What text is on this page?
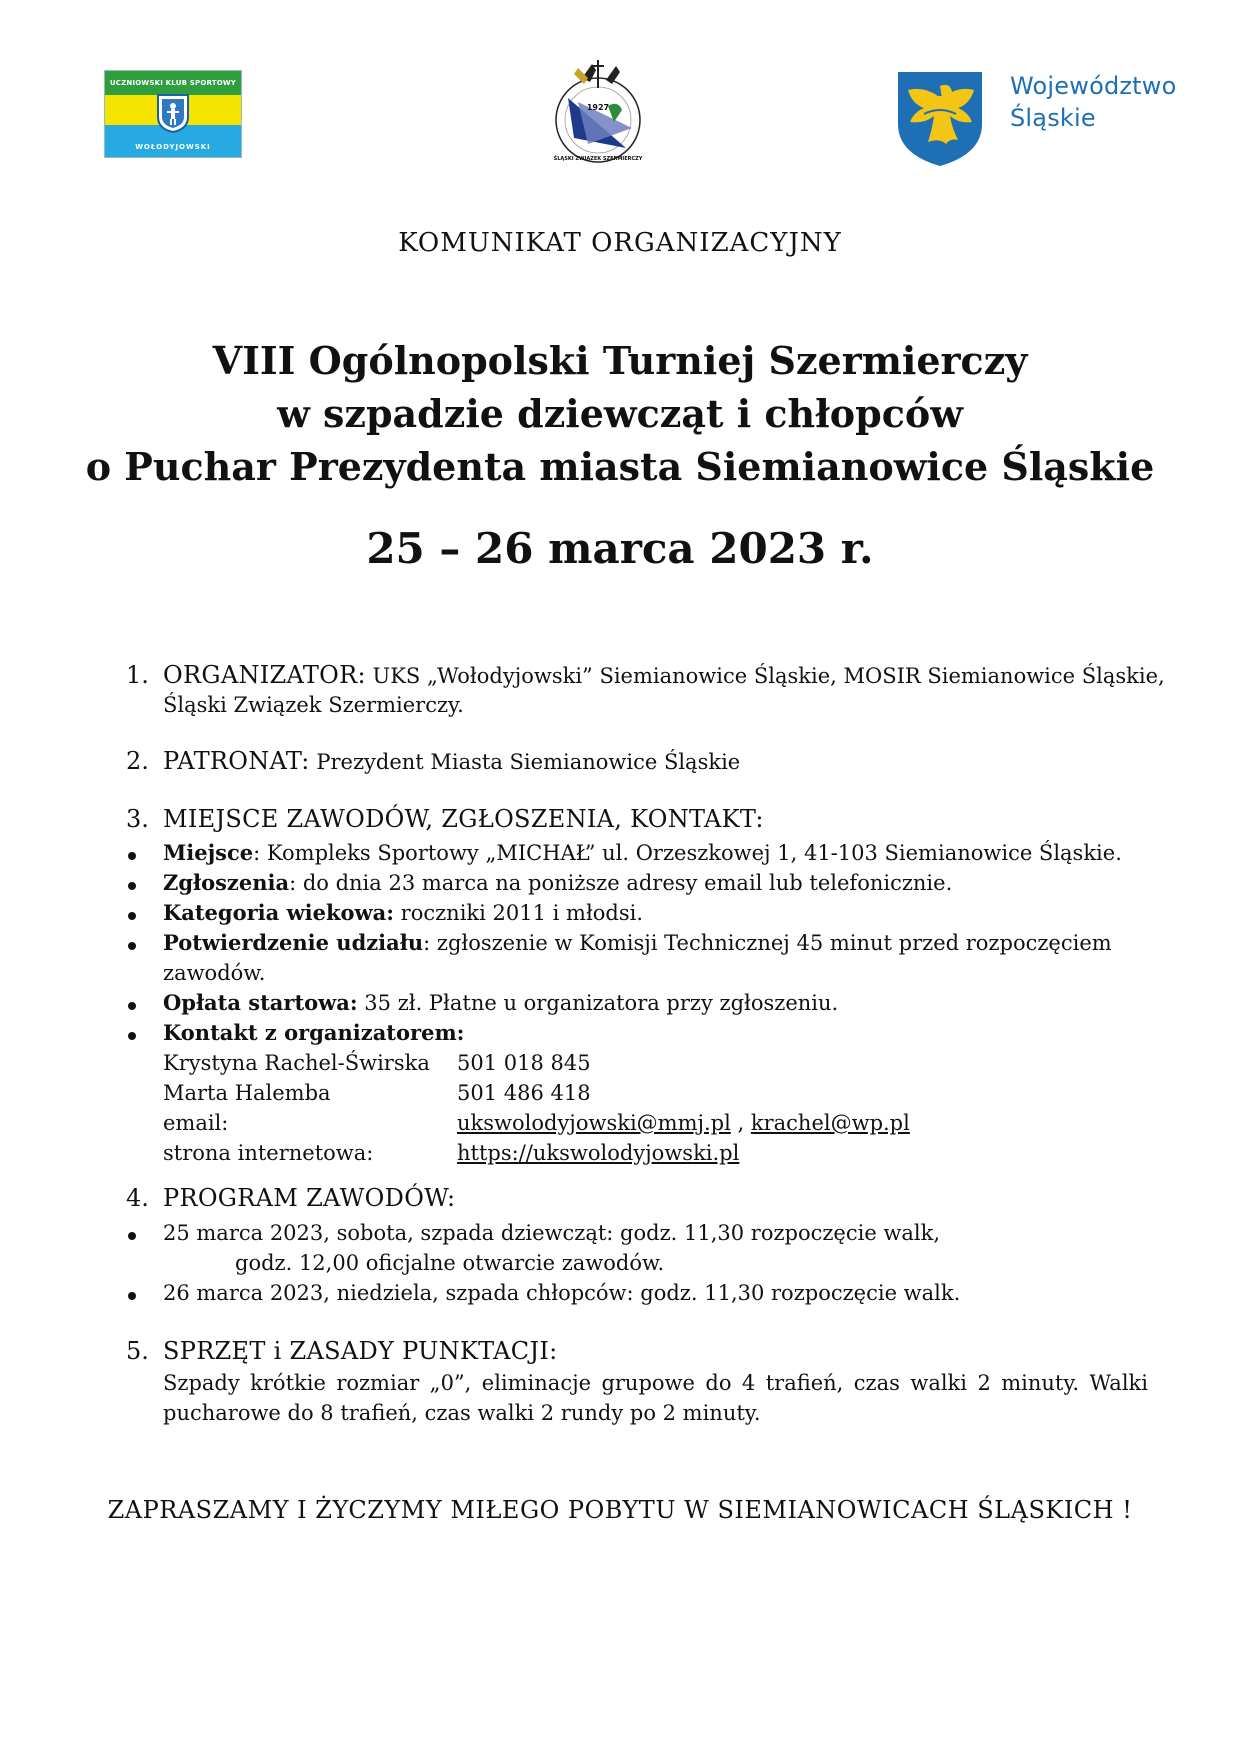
UCZNIOWSKI KLUB SPORTOWY
WOŁODYJOWSKI
1927
ŚLĄSKI ZWIĄZEK SZERMIERCZY
Województwo
Śląskie
KOMUNIKAT ORGANIZACYJNY
VIII Ogólnopolski Turniej Szermierczy
w szpadzie dziewcząt i chłopców
o Puchar Prezydenta miasta Siemianowice Śląskie
25 – 26 marca 2023 r.
1. ORGANIZATOR: UKS „Wołodyjowski” Siemianowice Śląskie, MOSIR Siemianowice Śląskie,
Śląski Związek Szermierczy.
2. PATRONAT: Prezydent Miasta Siemianowice Śląskie
3. MIEJSCE ZAWODÓW, ZGŁOSZENIA, KONTAKT:
Miejsce: Kompleks Sportowy „MICHAŁ” ul. Orzeszkowej 1, 41-103 Siemianowice Śląskie.
Zgłoszenia: do dnia 23 marca na poniższe adresy email lub telefonicznie.
Kategoria wiekowa: roczniki 2011 i młodsi.
Potwierdzenie udziału: zgłoszenie w Komisji Technicznej 45 minut przed rozpoczęciem
zawodów.
Opłata startowa: 35 zł. Płatne u organizatora przy zgłoszeniu.
Kontakt z organizatorem:
Krystyna Rachel-Świrska 501 018 845
Marta Halemba	501 486 418
email:	ukswolodyjowski@mmj.pl , krachel@wp.pl
strona internetowa:	https://ukswolodyjowski.pl
4. PROGRAM ZAWODÓW:
25 marca 2023, sobota, szpada dziewcząt: godz. 11,30 rozpoczęcie walk,
godz. 12,00 oficjalne otwarcie zawodów.
26 marca 2023, niedziela, szpada chłopców: godz. 11,30 rozpoczęcie walk.
5. SPRZĘT i ZASADY PUNKTACJI:
Szpady krótkie rozmiar „0”, eliminacje grupowe do 4 trafień, czas walki 2 minuty. Walki
pucharowe do 8 trafień, czas walki 2 rundy po 2 minuty.
ZAPRASZAMY I ŻYCZYMY MIŁEGO POBYTU W SIEMIANOWICACH ŚLĄSKICH !
